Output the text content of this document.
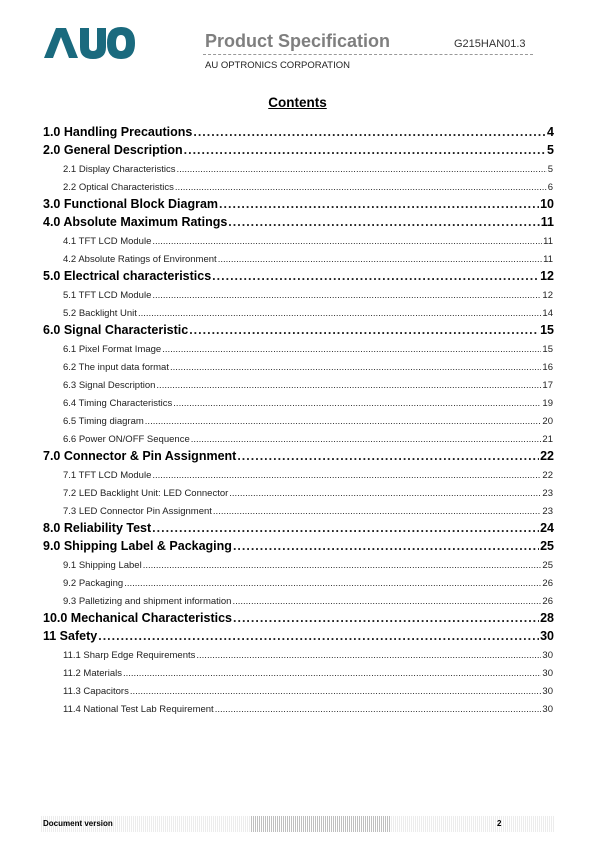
Product Specification	G215HAN01.3
AU OPTRONICS CORPORATION
Contents
1.0 Handling Precautions .....	4
2.0 General Description .....	5
2.1 Display Characteristics .....	5
2.2 Optical Characteristics .....	6
3.0 Functional Block Diagram .....	10
4.0 Absolute Maximum Ratings .....	11
4.1 TFT LCD Module .....	11
4.2 Absolute Ratings of Environment .....	11
5.0 Electrical characteristics .....	12
5.1 TFT LCD Module .....	12
5.2 Backlight Unit .....	14
6.0 Signal Characteristic .....	15
6.1 Pixel Format Image .....	15
6.2 The input data format .....	16
6.3 Signal Description .....	17
6.4 Timing Characteristics .....	19
6.5 Timing diagram .....	20
6.6 Power ON/OFF Sequence .....	21
7.0 Connector & Pin Assignment .....	22
7.1 TFT LCD Module .....	22
7.2 LED Backlight Unit: LED Connector .....	23
7.3 LED Connector Pin Assignment .....	23
8.0 Reliability Test .....	24
9.0 Shipping Label & Packaging .....	25
9.1 Shipping Label .....	25
9.2 Packaging .....	26
9.3 Palletizing and shipment information .....	26
10.0 Mechanical Characteristics .....	28
11 Safety .....	30
11.1 Sharp Edge Requirements .....	30
11.2 Materials .....	30
11.3 Capacitors .....	30
11.4 National Test Lab Requirement .....	30
Document version	2
